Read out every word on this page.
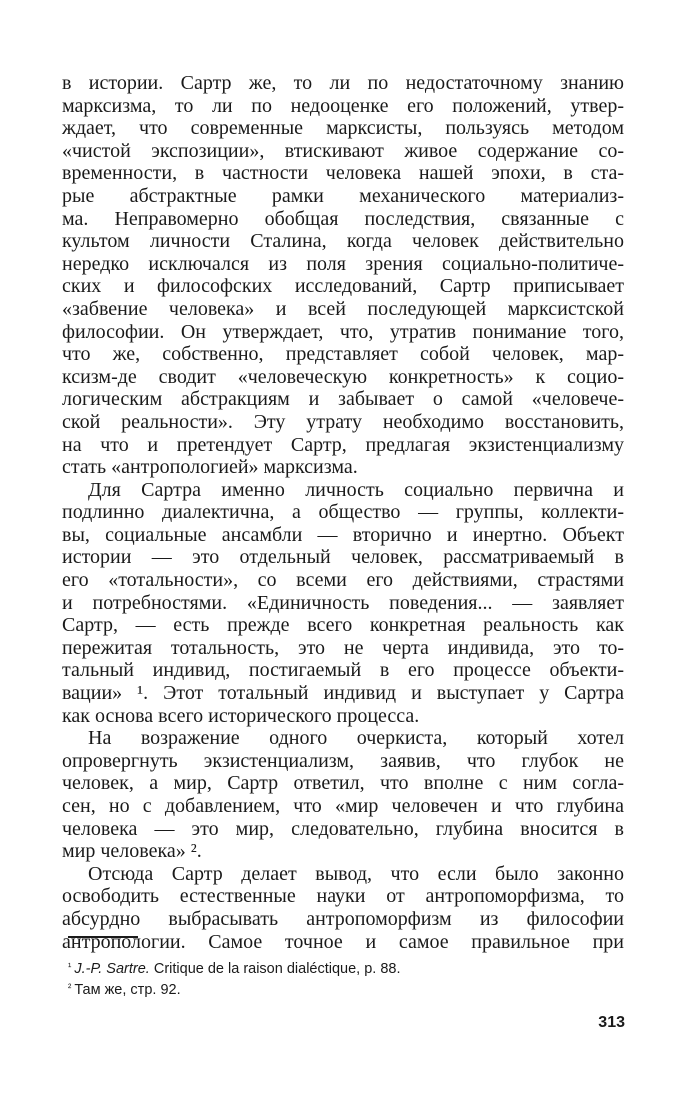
в истории. Сартр же, то ли по недостаточному знанию
марксизма, то ли по недооценке его положений, утвер-
ждает, что современные марксисты, пользуясь методом
«чистой экспозиции», втискивают живое содержание со-
временности, в частности человека нашей эпохи, в ста-
рые абстрактные рамки механического материализ-
ма. Неправомерно обобщая последствия, связанные с
культом личности Сталина, когда человек действительно
нередко исключался из поля зрения социально-политиче-
ских и философских исследований, Сартр приписывает
«забвение человека» и всей последующей марксистской
философии. Он утверждает, что, утратив понимание того,
что же, собственно, представляет собой человек, мар-
ксизм-де сводит «человеческую конкретность» к социо-
логическим абстракциям и забывает о самой «человече-
ской реальности». Эту утрату необходимо восстановить,
на что и претендует Сартр, предлагая экзистенциализму
стать «антропологией» марксизма.
Для Сартра именно личность социально первична и
подлинно диалектична, а общество — группы, коллекти-
вы, социальные ансамбли — вторично и инертно. Объект
истории — это отдельный человек, рассматриваемый в
его «тотальности», со всеми его действиями, страстями
и потребностями. «Единичность поведения... — заявляет
Сартр, — есть прежде всего конкретная реальность как
пережитая тотальность, это не черта индивида, это то-
тальный индивид, постигаемый в его процессе объекти-
вации» ¹. Этот тотальный индивид и выступает у Сартра
как основа всего исторического процесса.
На возражение одного очеркиста, который хотел
опровергнуть экзистенциализм, заявив, что глубок не
человек, а мир, Сартр ответил, что вполне с ним согла-
сен, но с добавлением, что «мир человечен и что глубина
человека — это мир, следовательно, глубина вносится в
мир человека» ².
Отсюда Сартр делает вывод, что если было законно
освободить естественные науки от антропоморфизма, то
абсурдно выбрасывать антропоморфизм из философии
антропологии. Самое точное и самое правильное при
$^{^1}$ J.-P. Sartre. Critique de la raison dialéctique, p. 88.
$^{^2}$ Там же, стр. 92.
313
